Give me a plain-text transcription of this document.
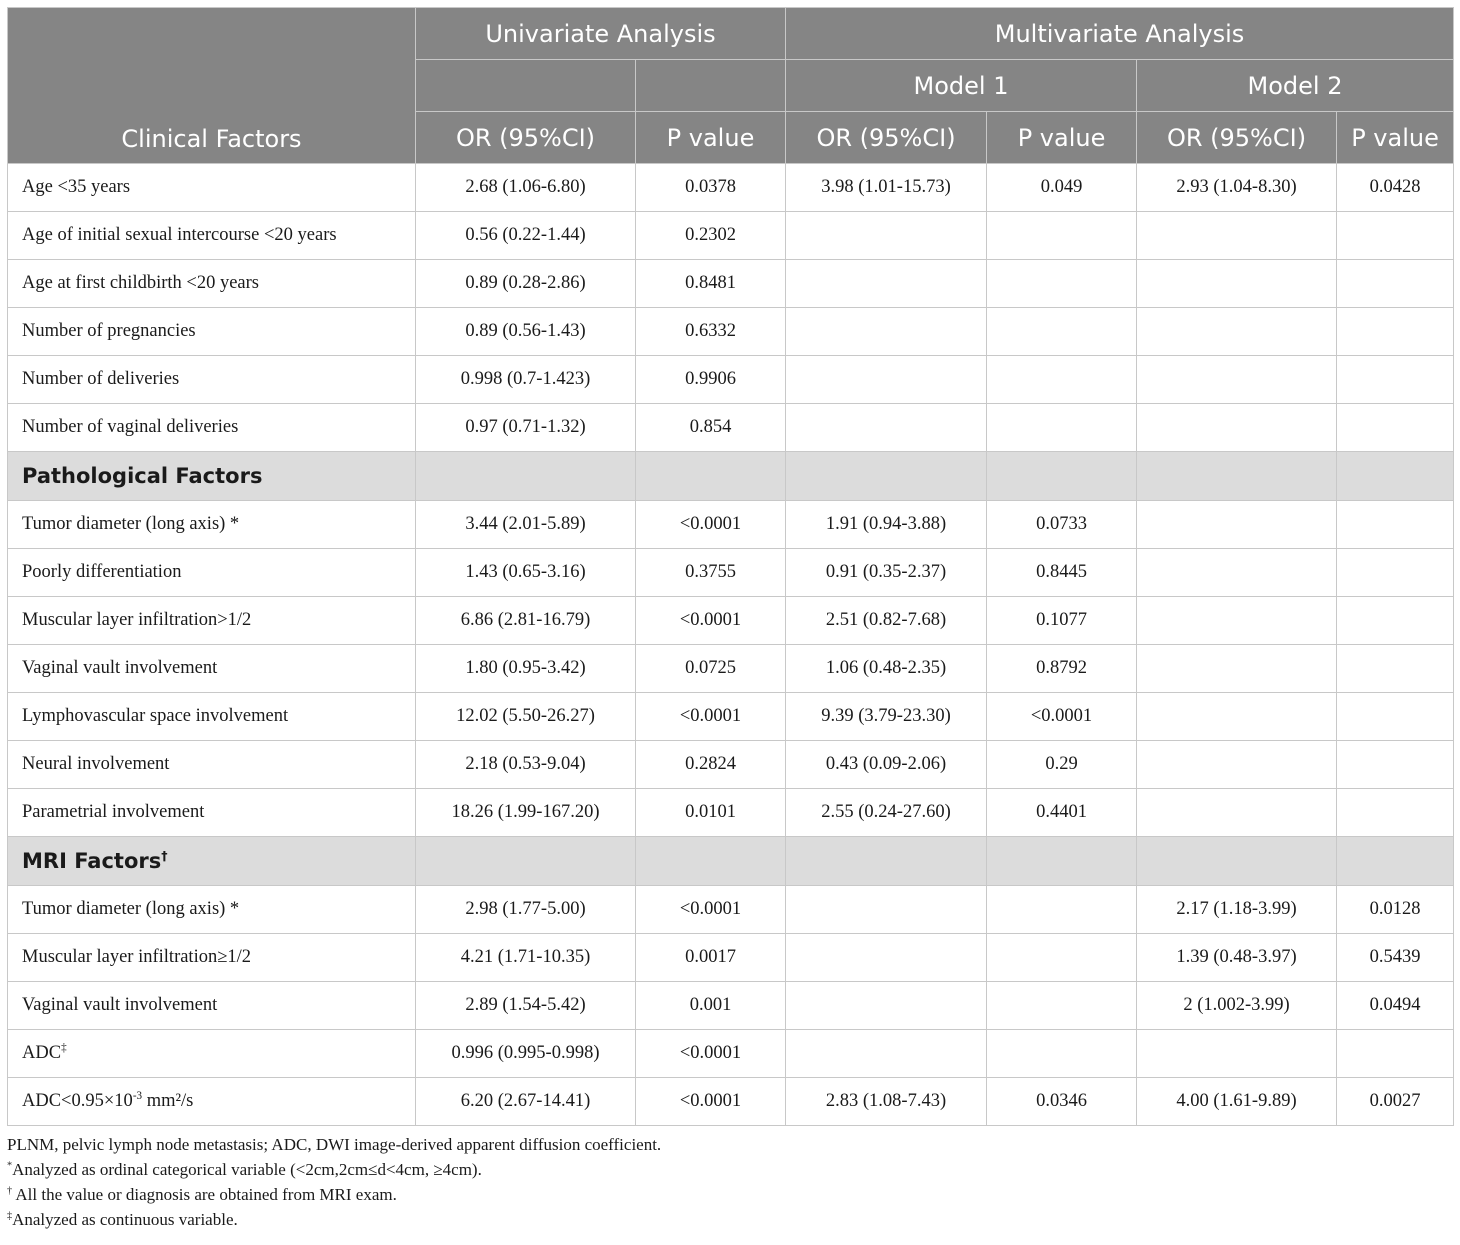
Clinical Factors	Univariate Analysis		Multivariate Analysis			
			Model 1		Model 2	
	OR (95%CI)	P value	OR (95%CI)	P value	OR (95%CI)	P value
Age <35 years	2.68 (1.06-6.80)	0.0378	3.98 (1.01-15.73)	0.049	2.93 (1.04-8.30)	0.0428
Age of initial sexual intercourse <20 years	0.56 (0.22-1.44)	0.2302				
Age at first childbirth <20 years	0.89 (0.28-2.86)	0.8481				
Number of pregnancies	0.89 (0.56-1.43)	0.6332				
Number of deliveries	0.998 (0.7-1.423)	0.9906				
Number of vaginal deliveries	0.97 (0.71-1.32)	0.854				
Pathological Factors						
Tumor diameter (long axis) *	3.44 (2.01-5.89)	<0.0001	1.91 (0.94-3.88)	0.0733		
Poorly differentiation	1.43 (0.65-3.16)	0.3755	0.91 (0.35-2.37)	0.8445		
Muscular layer infiltration>1/2	6.86 (2.81-16.79)	<0.0001	2.51 (0.82-7.68)	0.1077		
Vaginal vault involvement	1.80 (0.95-3.42)	0.0725	1.06 (0.48-2.35)	0.8792		
Lymphovascular space involvement	12.02 (5.50-26.27)	<0.0001	9.39 (3.79-23.30)	<0.0001		
Neural involvement	2.18 (0.53-9.04)	0.2824	0.43 (0.09-2.06)	0.29		
Parametrial involvement	18.26 (1.99-167.20)	0.0101	2.55 (0.24-27.60)	0.4401		
MRI Factors†						
Tumor diameter (long axis) *	2.98 (1.77-5.00)	<0.0001			2.17 (1.18-3.99)	0.0128
Muscular layer infiltration≥1/2	4.21 (1.71-10.35)	0.0017			1.39 (0.48-3.97)	0.5439
Vaginal vault involvement	2.89 (1.54-5.42)	0.001			2 (1.002-3.99)	0.0494
ADC‡	0.996 (0.995-0.998)	<0.0001				
$ADC<0.95\times 10^{-3}$ mm²/s	6.20 (2.67-14.41)	<0.0001	2.83 (1.08-7.43)	0.0346	4.00 (1.61-9.89)	0.0027
PLNM, pelvic lymph node metastasis; ADC, DWI image-derived apparent diffusion coefficient.
*Analyzed as ordinal categorical variable (<2cm,2cm≤d<4cm, ≥4cm).
† All the value or diagnosis are obtained from MRI exam.
‡Analyzed as continuous variable.
